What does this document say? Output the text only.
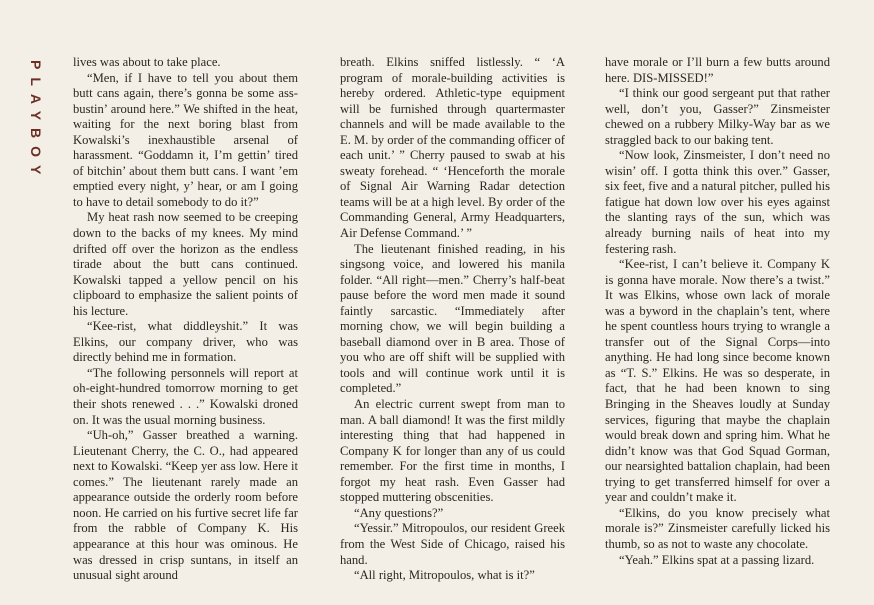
PLAYBOY lives was about to take place.

“Men, if I have to tell you about them butt cans again, there’s gonna be some ass-bustin’ around here.” We shifted in the heat, waiting for the next boring blast from Kowalski’s inexhaustible arsenal of harassment. “Goddamn it, I’m gettin’ tired of bitchin’ about them butt cans. I want ’em emptied every night, y’ hear, or am I going to have to detail somebody to do it?”

My heat rash now seemed to be creeping down to the backs of my knees. My mind drifted off over the horizon as the endless tirade about the butt cans continued. Kowalski tapped a yellow pencil on his clipboard to emphasize the salient points of his lecture.

“Kee-rist, what diddleyshit.” It was Elkins, our company driver, who was directly behind me in formation.

“The following personnels will report at oh-eight-hundred tomorrow morning to get their shots renewed . . .” Kowalski droned on. It was the usual morning business.

“Uh-oh,” Gasser breathed a warning. Lieutenant Cherry, the C. O., had appeared next to Kowalski. “Keep yer ass low. Here it comes.” The lieutenant rarely made an appearance outside the orderly room before noon. He carried on his furtive secret life far from the rabble of Company K. His appearance at this hour was ominous. He was dressed in crisp suntans, in itself an unusual sight around

breath. Elkins sniffed listlessly. “ ‘A program of morale-building activities is hereby ordered. Athletic-type equipment will be furnished through quartermaster channels and will be made available to the E. M. by order of the commanding officer of each unit.’ ” Cherry paused to swab at his sweaty forehead. “ ‘Henceforth the morale of Signal Air Warning Radar detection teams will be at a high level. By order of the Commanding General, Army Headquarters, Air Defense Command.’ ”

The lieutenant finished reading, in his singsong voice, and lowered his manila folder. “All right—men.” Cherry’s half-beat pause before the word men made it sound faintly sarcastic. “Immediately after morning chow, we will begin building a baseball diamond over in B area. Those of you who are off shift will be supplied with tools and will continue work until it is completed.”

An electric current swept from man to man. A ball diamond! It was the first mildly interesting thing that had happened in Company K for longer than any of us could remember. For the first time in months, I forgot my heat rash. Even Gasser had stopped muttering obscenities.

“Any questions?”

“Yessir.” Mitropoulos, our resident Greek from the West Side of Chicago, raised his hand.

“All right, Mitropoulos, what is it?”

have morale or I’ll burn a few butts around here. DIS-MISSED!”

“I think our good sergeant put that rather well, don’t you, Gasser?” Zinsmeister chewed on a rubbery Milky-Way bar as we straggled back to our baking tent.

“Now look, Zinsmeister, I don’t need no wisin’ off. I gotta think this over.” Gasser, six feet, five and a natural pitcher, pulled his fatigue hat down low over his eyes against the slanting rays of the sun, which was already burning nails of heat into my festering rash.

“Kee-rist, I can’t believe it. Company K is gonna have morale. Now there’s a twist.” It was Elkins, whose own lack of morale was a byword in the chaplain’s tent, where he spent countless hours trying to wrangle a transfer out of the Signal Corps—into anything. He had long since become known as “T. S.” Elkins. He was so desperate, in fact, that he had been known to sing Bringing in the Sheaves loudly at Sunday services, figuring that maybe the chaplain would break down and spring him. What he didn’t know was that God Squad Gorman, our nearsighted battalion chaplain, had been trying to get transferred himself for over a year and couldn’t make it.

“Elkins, do you know precisely what morale is?” Zinsmeister carefully licked his thumb, so as not to waste any chocolate.

“Yeah.” Elkins spat at a passing lizard.
